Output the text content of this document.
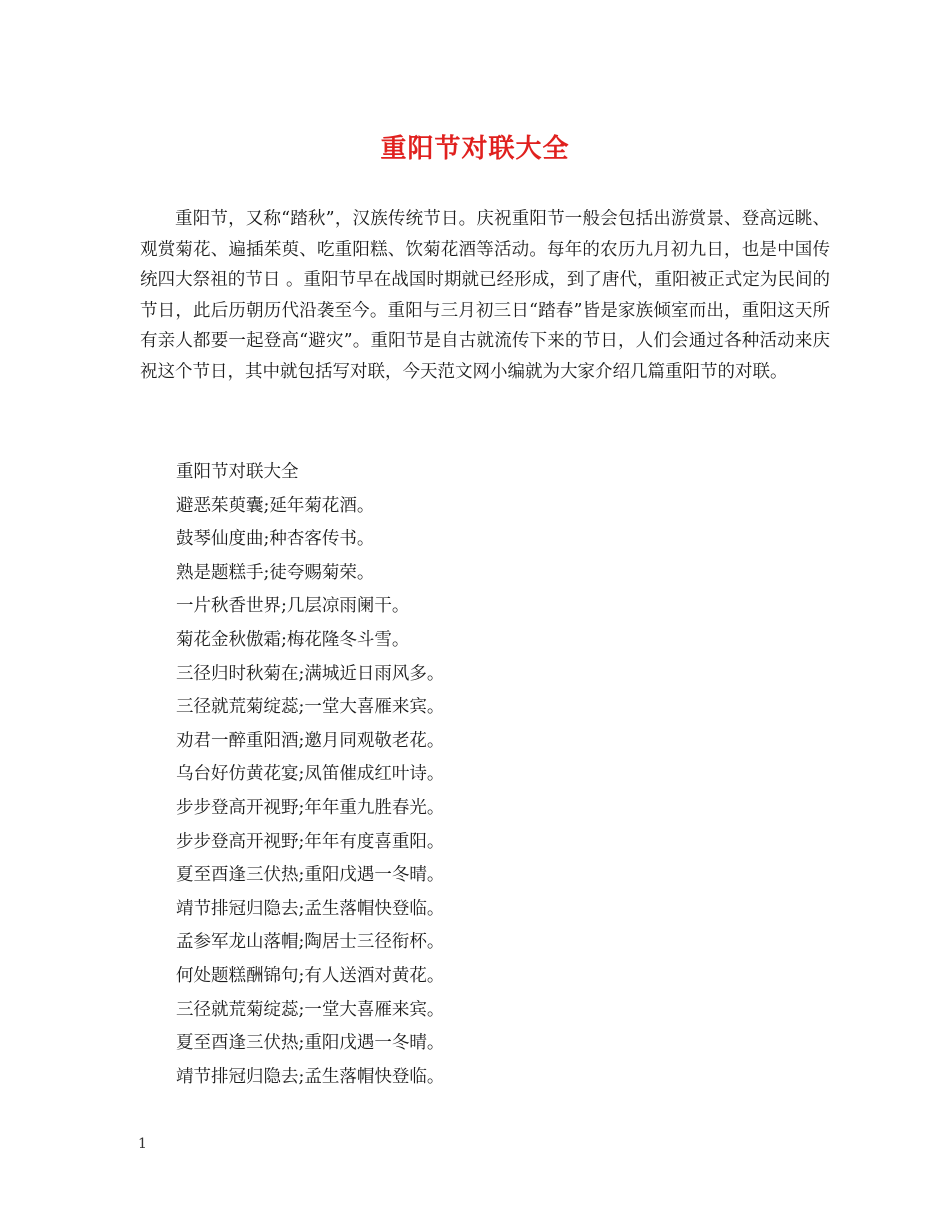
重阳节对联大全

重阳节，又称“踏秋”，汉族传统节日。庆祝重阳节一般会包括出游赏景、登高远眺、观赏菊花、遍插茱萸、吃重阳糕、饮菊花酒等活动。每年的农历九月初九日，也是中国传统四大祭祖的节日 。重阳节早在战国时期就已经形成，到了唐代，重阳被正式定为民间的节日，此后历朝历代沿袭至今。重阳与三月初三日“踏春”皆是家族倾室而出，重阳这天所有亲人都要一起登高“避灾”。重阳节是自古就流传下来的节日，人们会通过各种活动来庆祝这个节日，其中就包括写对联，今天范文网小编就为大家介绍几篇重阳节的对联。

重阳节对联大全
避恶茱萸囊;延年菊花酒。
鼓琴仙度曲;种杏客传书。
熟是题糕手;徒夸赐菊荣。
一片秋香世界;几层凉雨阑干。
菊花金秋傲霜;梅花隆冬斗雪。
三径归时秋菊在;满城近日雨风多。
三径就荒菊绽蕊;一堂大喜雁来宾。
劝君一醉重阳酒;邀月同观敬老花。
乌台好仿黄花宴;凤笛催成红叶诗。
步步登高开视野;年年重九胜春光。
步步登高开视野;年年有度喜重阳。
夏至酉逢三伏热;重阳戊遇一冬晴。
靖节排冠归隐去;孟生落帽快登临。
孟参军龙山落帽;陶居士三径衔杯。
何处题糕酬锦句;有人送酒对黄花。
三径就荒菊绽蕊;一堂大喜雁来宾。
夏至酉逢三伏热;重阳戊遇一冬晴。
靖节排冠归隐去;孟生落帽快登临。
1
